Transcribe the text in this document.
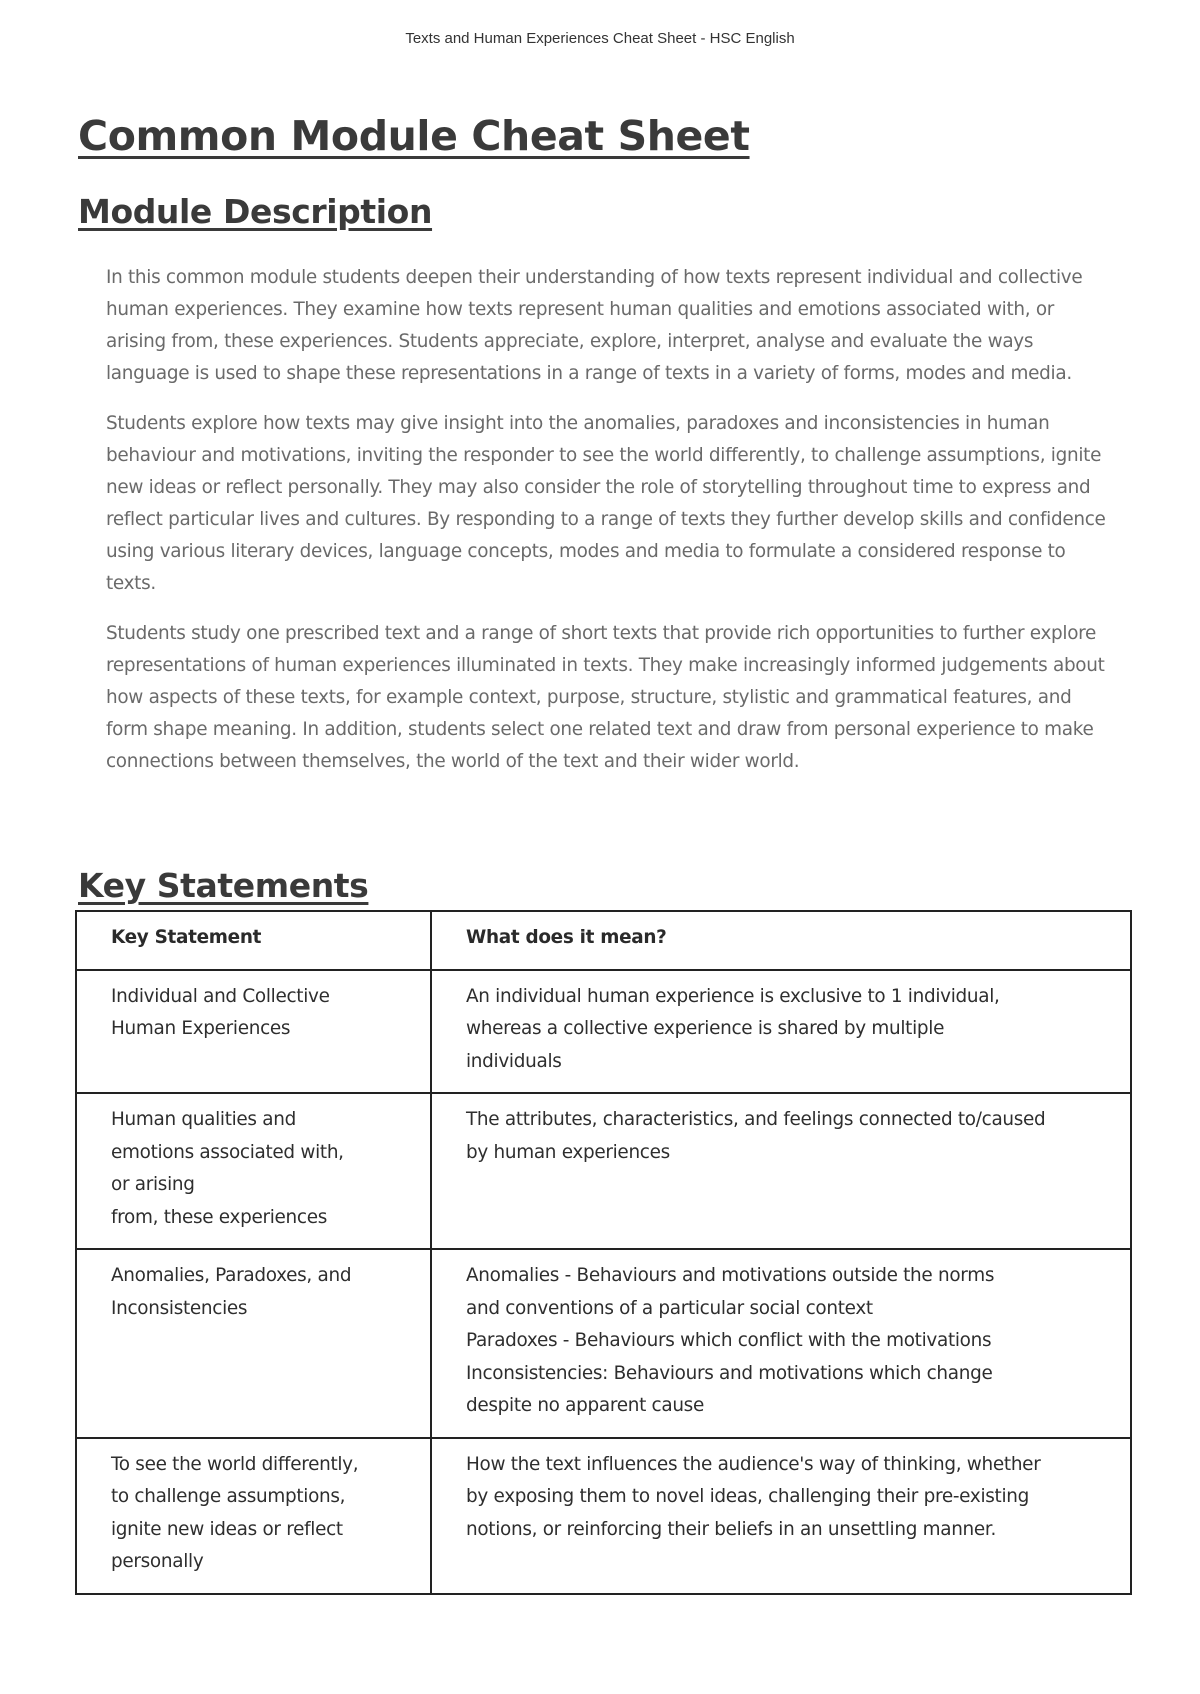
Texts and Human Experiences Cheat Sheet - HSC English
Common Module Cheat Sheet
Module Description

In this common module students deepen their understanding of how texts represent individual and collective human experiences. They examine how texts represent human qualities and emotions associated with, or arising from, these experiences. Students appreciate, explore, interpret, analyse and evaluate the ways language is used to shape these representations in a range of texts in a variety of forms, modes and media.

Students explore how texts may give insight into the anomalies, paradoxes and inconsistencies in human behaviour and motivations, inviting the responder to see the world differently, to challenge assumptions, ignite new ideas or reflect personally. They may also consider the role of storytelling throughout time to express and reflect particular lives and cultures. By responding to a range of texts they further develop skills and confidence using various literary devices, language concepts, modes and media to formulate a considered response to texts.

Students study one prescribed text and a range of short texts that provide rich opportunities to further explore representations of human experiences illuminated in texts. They make increasingly informed judgements about how aspects of these texts, for example context, purpose, structure, stylistic and grammatical features, and form shape meaning. In addition, students select one related text and draw from personal experience to make connections between themselves, the world of the text and their wider world.

Key Statements
Key Statement	What does it mean?

Individual and Collective
Human Experiences	An individual human experience is exclusive to 1 individual,
whereas a collective experience is shared by multiple
individuals

Human qualities and
emotions associated with,
or arising
from, these experiences	The attributes, characteristics, and feelings connected to/caused
by human experiences

Anomalies, Paradoxes, and
Inconsistencies	Anomalies - Behaviours and motivations outside the norms
and conventions of a particular social context
Paradoxes - Behaviours which conflict with the motivations
Inconsistencies: Behaviours and motivations which change
despite no apparent cause

To see the world differently,
to challenge assumptions,
ignite new ideas or reflect
personally	How the text influences the audience's way of thinking, whether
by exposing them to novel ideas, challenging their pre-existing
notions, or reinforcing their beliefs in an unsettling manner.
